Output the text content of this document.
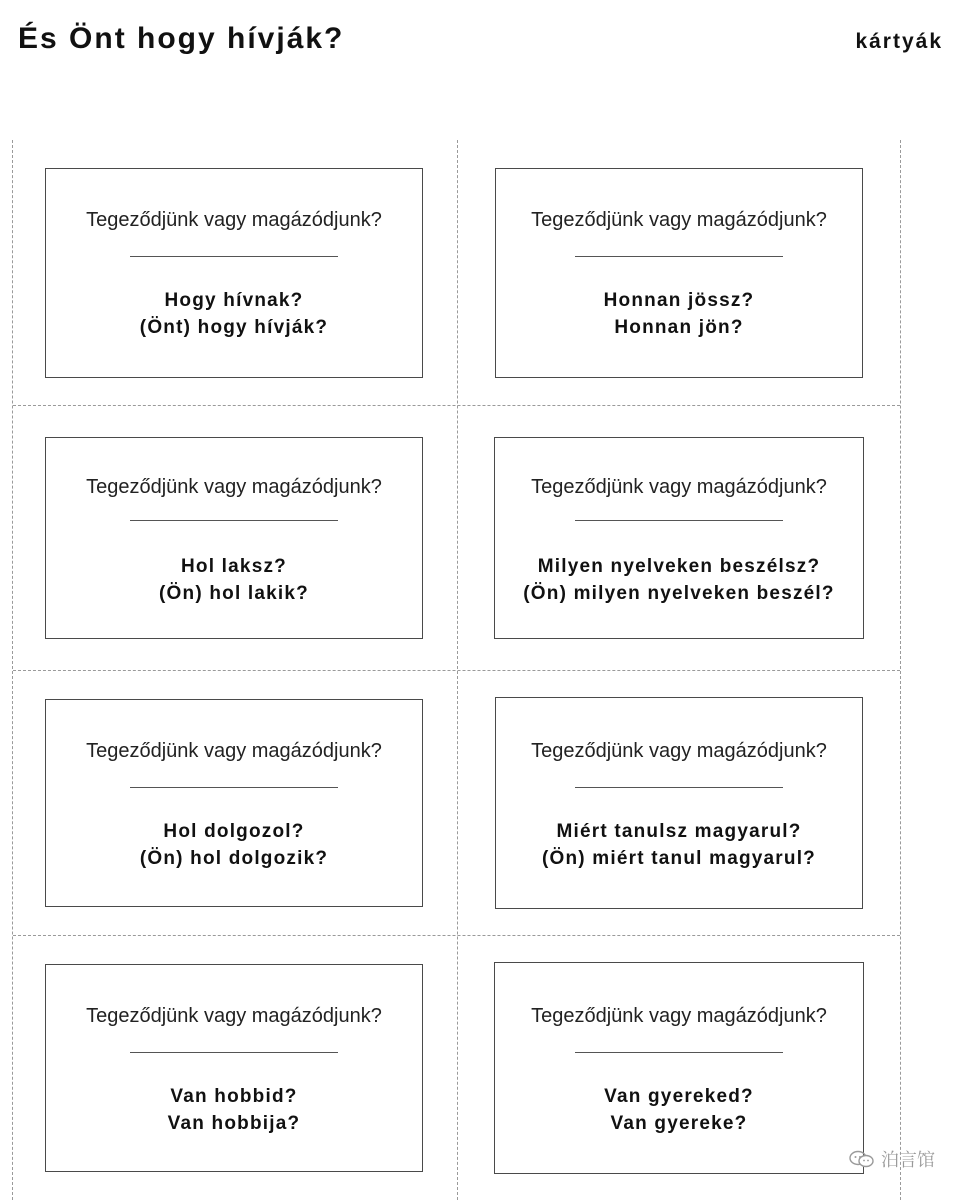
És Önt hogy hívják?	kártyák
Tegeződjünk vagy magázódjunk?
Hogy hívnak?
(Önt) hogy hívják?
Tegeződjünk vagy magázódjunk?
Honnan jössz?
Honnan jön?
Tegeződjünk vagy magázódjunk?
Hol laksz?
(Ön) hol lakik?
Tegeződjünk vagy magázódjunk?
Milyen nyelveken beszélsz?
(Ön) milyen nyelveken beszél?
Tegeződjünk vagy magázódjunk?
Hol dolgozol?
(Ön) hol dolgozik?
Tegeződjünk vagy magázódjunk?
Miért tanulsz magyarul?
(Ön) miért tanul magyarul?
Tegeződjünk vagy magázódjunk?
Van hobbid?
Van hobbija?
Tegeződjünk vagy magázódjunk?
Van gyereked?
Van gyereke?
泊言馆
